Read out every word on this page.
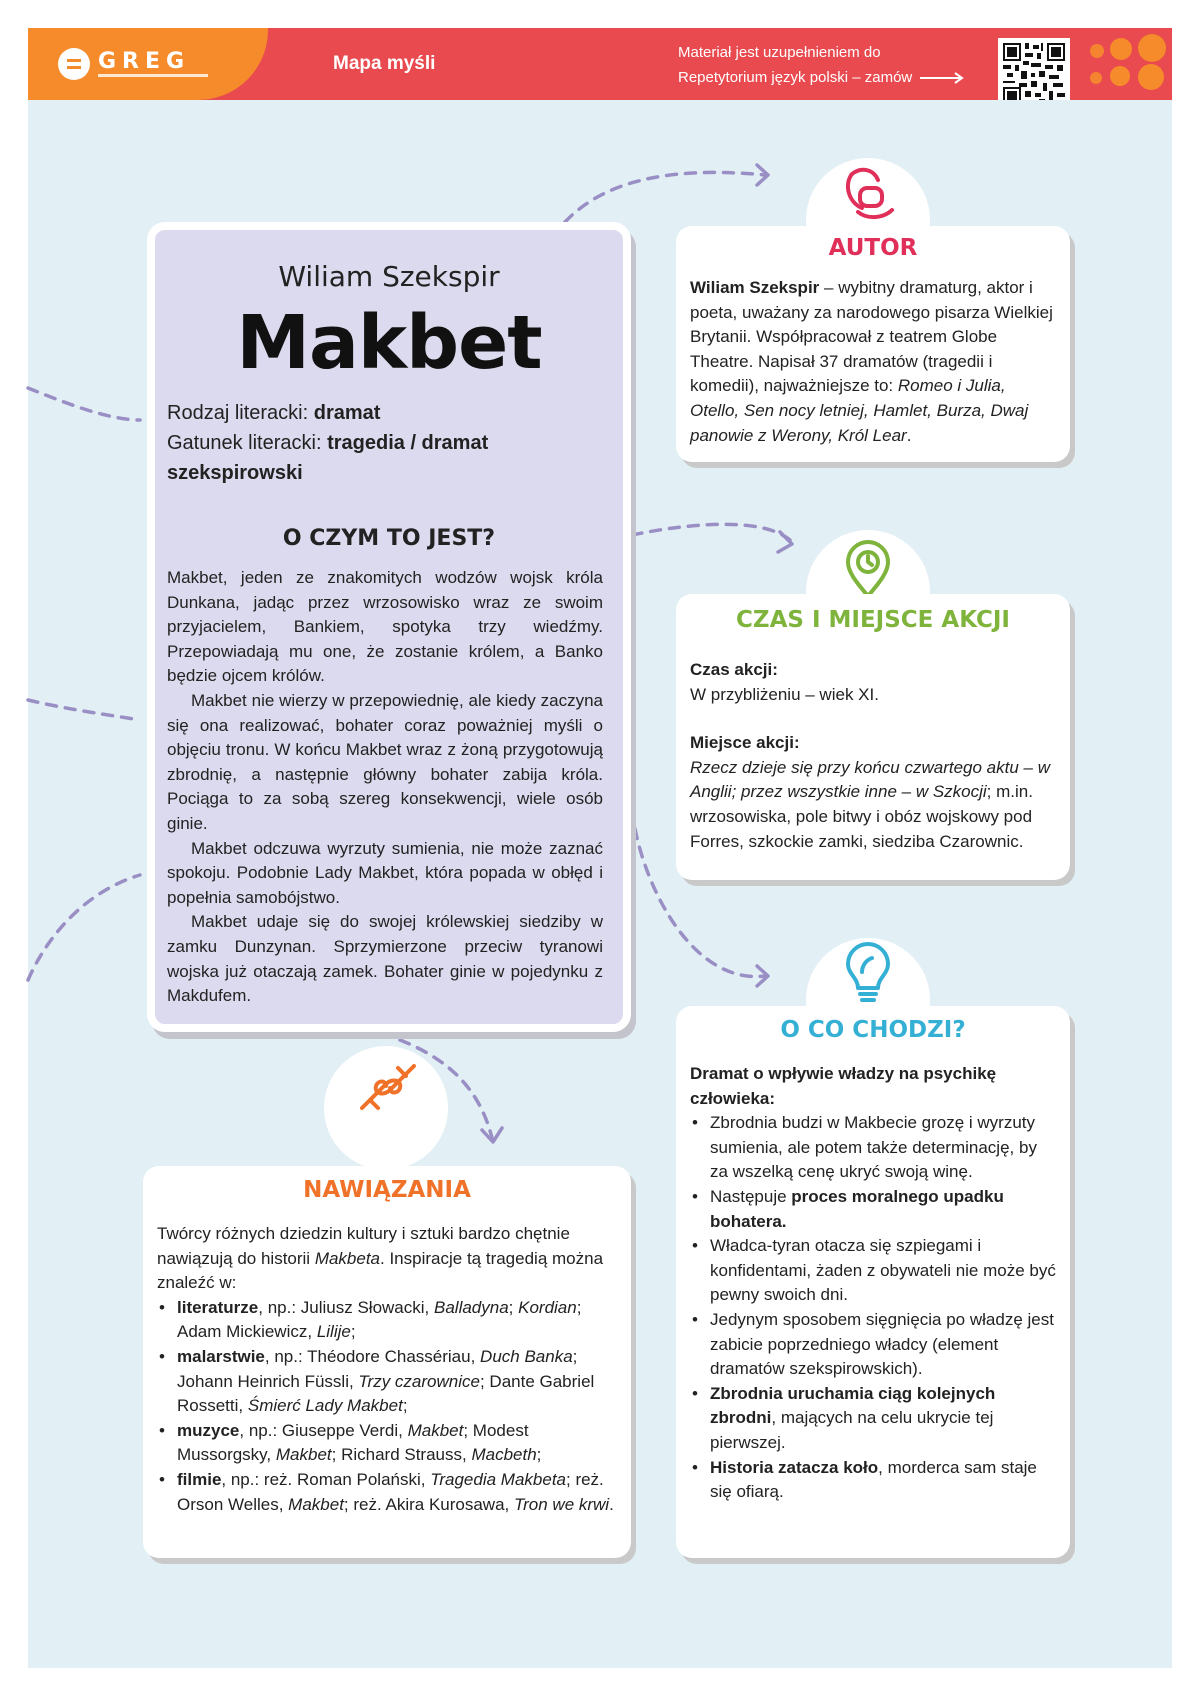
GREG	Mapa myśli
Materiał jest uzupełnieniem do
Repetytorium język polski – zamów
Wiliam Szekspir
Makbet
Rodzaj literacki: dramat
Gatunek literacki: tragedia / dramat szekspirowski
O CZYM TO JEST?

Makbet, jeden ze znakomitych wodzów wojsk króla Dunkana, jadąc przez wrzosowisko wraz ze swoim przyjacielem, Bankiem, spotyka trzy wiedźmy. Przepowiadają mu one, że zostanie królem, a Banko będzie ojcem królów.

Makbet nie wierzy w przepowiednię, ale kiedy zaczyna się ona realizować, bohater coraz poważniej myśli o objęciu tronu. W końcu Makbet wraz z żoną przygotowują zbrodnię, a następnie główny bohater zabija króla. Pociąga to za sobą szereg konsekwencji, wiele osób ginie.

Makbet odczuwa wyrzuty sumienia, nie może zaznać spokoju. Podobnie Lady Makbet, która popada w obłęd i popełnia samobójstwo.

Makbet udaje się do swojej królewskiej siedziby w zamku Dunzynan. Sprzymierzone przeciw tyranowi wojska już otaczają zamek. Bohater ginie w pojedynku z Makdufem.

AUTOR

Wiliam Szekspir – wybitny dramaturg, aktor i poeta, uważany za narodowego pisarza Wielkiej Brytanii. Współpracował z teatrem Globe Theatre. Napisał 37 dramatów (tragedii i komedii), najważniejsze to: Romeo i Julia, Otello, Sen nocy letniej, Hamlet, Burza, Dwaj panowie z Werony, Król Lear.

CZAS I MIEJSCE AKCJI
Czas akcji:
W przybliżeniu – wiek XI.
Miejsce akcji:

Rzecz dzieje się przy końcu czwartego aktu – w Anglii; przez wszystkie inne – w Szkocji; m.in. wrzosowiska, pole bitwy i obóz wojskowy pod Forres, szkockie zamki, siedziba Czarownic.

O CO CHODZI?
Dramat o wpływie władzy na psychikę człowieka:
• Zbrodnia budzi w Makbecie grozę i wyrzuty sumienia, ale potem także determinację, by za wszelką cenę ukryć swoją winę.
• Następuje proces moralnego upadku bohatera.
• Władca-tyran otacza się szpiegami i konfidentami, żaden z obywateli nie może być pewny swoich dni.
• Jedynym sposobem sięgnięcia po władzę jest zabicie poprzedniego władcy (element dramatów szekspirowskich).
• Zbrodnia uruchamia ciąg kolejnych zbrodni, mających na celu ukrycie tej pierwszej.
• Historia zatacza koło, morderca sam staje się ofiarą.
NAWIĄZANIA

Twórcy różnych dziedzin kultury i sztuki bardzo chętnie nawiązują do historii Makbeta. Inspiracje tą tragedią można znaleźć w:

• literaturze, np.: Juliusz Słowacki, Balladyna; Kordian; Adam Mickiewicz, Lilije;
• malarstwie, np.: Théodore Chassériau, Duch Banka; Johann Heinrich Füssli, Trzy czarownice; Dante Gabriel Rossetti, Śmierć Lady Makbet;
• muzyce, np.: Giuseppe Verdi, Makbet; Modest Mussorgsky, Makbet; Richard Strauss, Macbeth;
• filmie, np.: reż. Roman Polański, Tragedia Makbeta; reż. Orson Welles, Makbet; reż. Akira Kurosawa, Tron we krwi.
